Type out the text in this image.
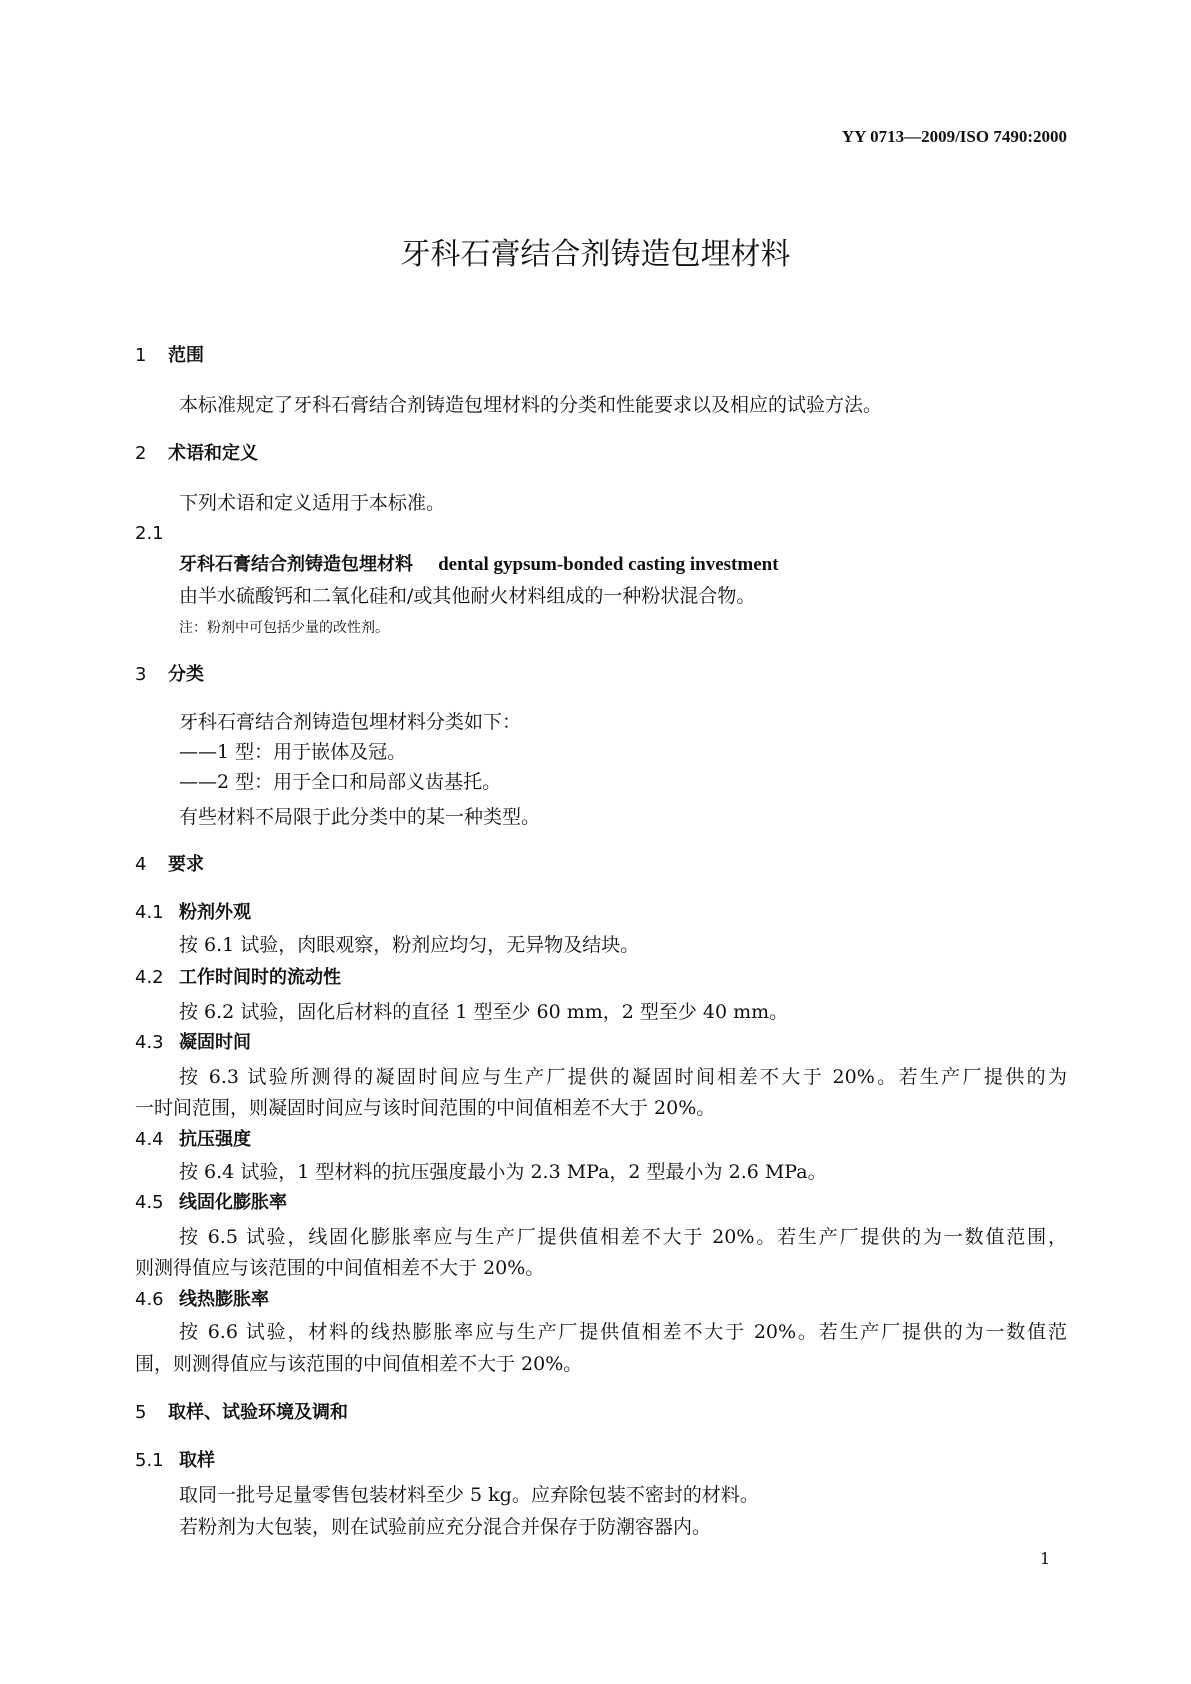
YY 0713—2009/ISO 7490:2000
牙科石膏结合剂铸造包埋材料
1 范围
本标准规定了牙科石膏结合剂铸造包埋材料的分类和性能要求以及相应的试验方法。
2 术语和定义
下列术语和定义适用于本标准。
2.1
牙科石膏结合剂铸造包埋材料 dental gypsum-bonded casting investment
由半水硫酸钙和二氧化硅和/或其他耐火材料组成的一种粉状混合物。
注：粉剂中可包括少量的改性剂。
3 分类
牙科石膏结合剂铸造包埋材料分类如下：
——1 型：用于嵌体及冠。
——2 型：用于全口和局部义齿基托。
有些材料不局限于此分类中的某一种类型。
4 要求
4.1 粉剂外观
按 6.1 试验，肉眼观察，粉剂应均匀，无异物及结块。
4.2 工作时间时的流动性
按 6.2 试验，固化后材料的直径 1 型至少 60 mm，2 型至少 40 mm。
4.3 凝固时间
按 6.3 试验所测得的凝固时间应与生产厂提供的凝固时间相差不大于 20%。若生产厂提供的为
一时间范围，则凝固时间应与该时间范围的中间值相差不大于 20%。
4.4 抗压强度
按 6.4 试验，1 型材料的抗压强度最小为 2.3 MPa，2 型最小为 2.6 MPa。
4.5 线固化膨胀率
按 6.5 试验，线固化膨胀率应与生产厂提供值相差不大于 20%。若生产厂提供的为一数值范围，
则测得值应与该范围的中间值相差不大于 20%。
4.6 线热膨胀率
按 6.6 试验，材料的线热膨胀率应与生产厂提供值相差不大于 20%。若生产厂提供的为一数值范
围，则测得值应与该范围的中间值相差不大于 20%。
5 取样、试验环境及调和
5.1 取样
取同一批号足量零售包装材料至少 5 kg。应弃除包装不密封的材料。
若粉剂为大包装，则在试验前应充分混合并保存于防潮容器内。
1
